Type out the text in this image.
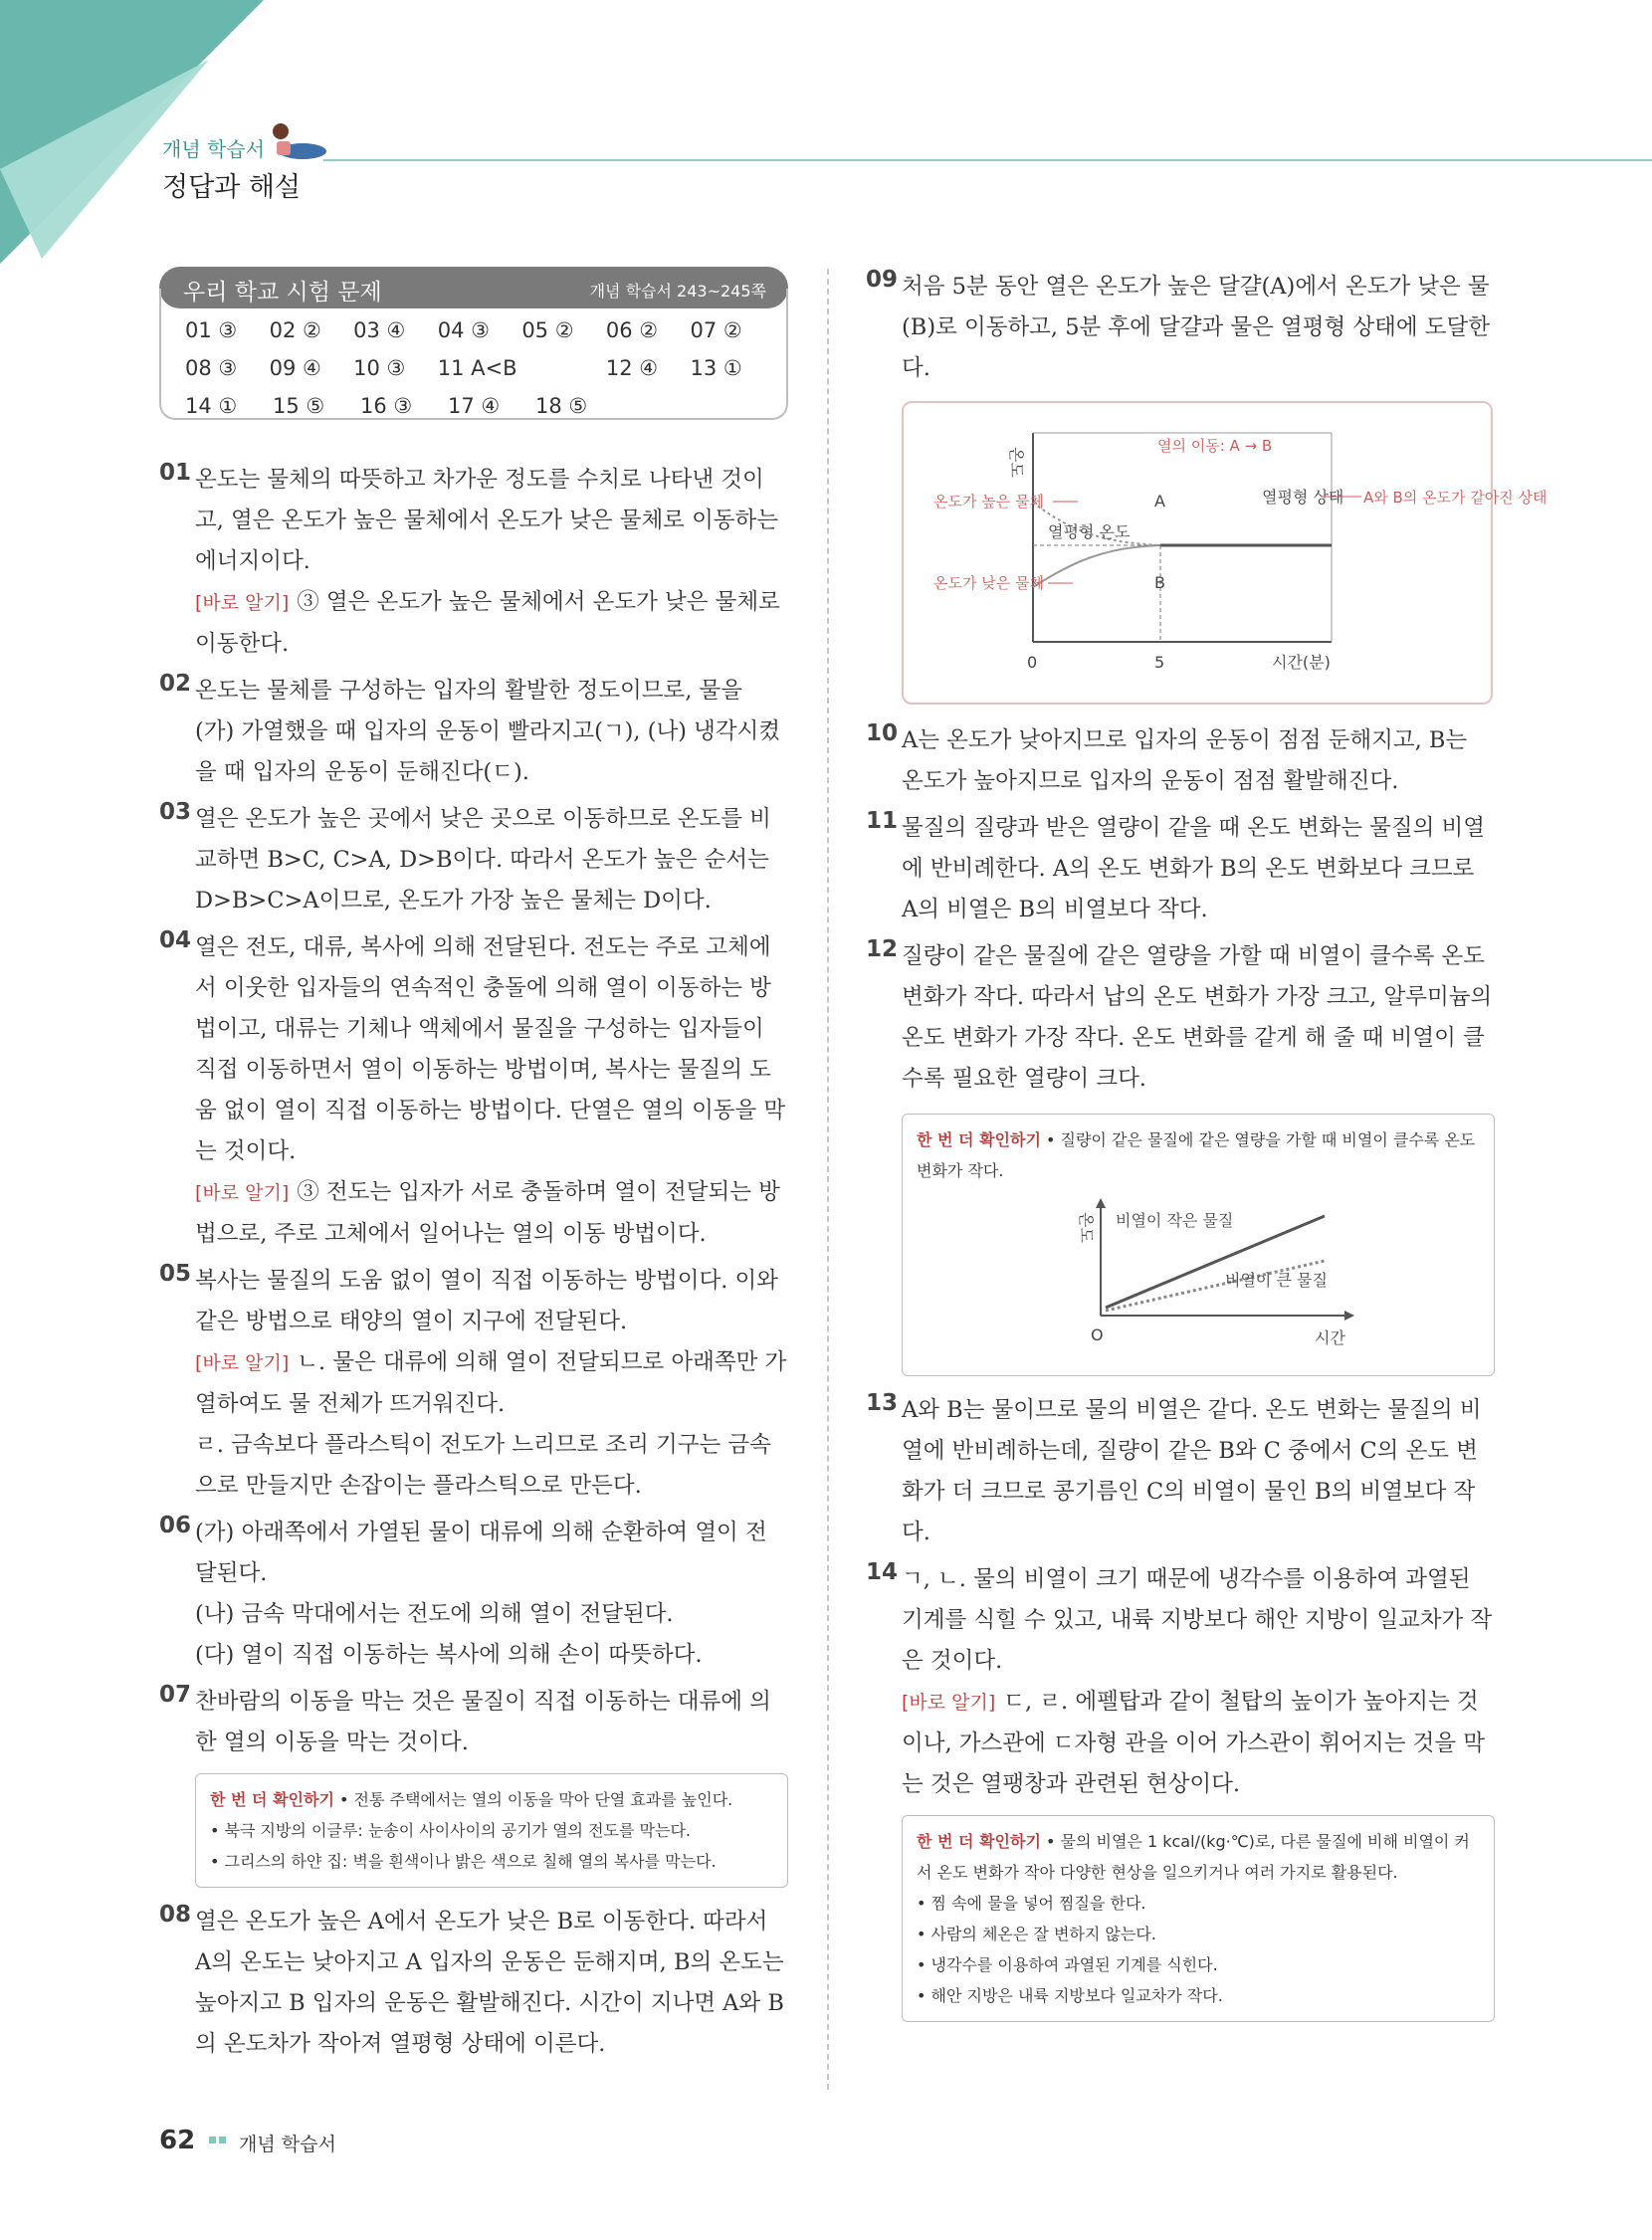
개념 학습서
정답과 해설
우리 학교 시험 문제	개념 학습서 243~245쪽
01 ③	02 ②	03 ④	04 ③	05 ②	06 ②	07 ②
08 ③	09 ④	10 ③	11 A<B	12 ④	13 ①
14 ①	15 ⑤	16 ③	17 ④	18 ⑤
01 온도는 물체의 따뜻하고 차가운 정도를 수치로 나타낸 것이고, 열은 온도가 높은 물체에서 온도가 낮은 물체로 이동하는 에너지이다.
[바로 알기] ③ 열은 온도가 높은 물체에서 온도가 낮은 물체로 이동한다.
02 온도는 물체를 구성하는 입자의 활발한 정도이므로, 물을 (가) 가열했을 때 입자의 운동이 빨라지고(ㄱ), (나) 냉각시켰을 때 입자의 운동이 둔해진다(ㄷ).
03 열은 온도가 높은 곳에서 낮은 곳으로 이동하므로 온도를 비교하면 B>C, C>A, D>B이다. 따라서 온도가 높은 순서는 D>B>C>A이므로, 온도가 가장 높은 물체는 D이다.
04 열은 전도, 대류, 복사에 의해 전달된다. 전도는 주로 고체에서 이웃한 입자들의 연속적인 충돌에 의해 열이 이동하는 방법이고, 대류는 기체나 액체에서 물질을 구성하는 입자들이 직접 이동하면서 열이 이동하는 방법이며, 복사는 물질의 도움 없이 열이 직접 이동하는 방법이다. 단열은 열의 이동을 막는 것이다.
[바로 알기] ③ 전도는 입자가 서로 충돌하며 열이 전달되는 방법으로, 주로 고체에서 일어나는 열의 이동 방법이다.
05 복사는 물질의 도움 없이 열이 직접 이동하는 방법이다. 이와 같은 방법으로 태양의 열이 지구에 전달된다.
[바로 알기] ㄴ. 물은 대류에 의해 열이 전달되므로 아래쪽만 가열하여도 물 전체가 뜨거워진다.
ㄹ. 금속보다 플라스틱이 전도가 느리므로 조리 기구는 금속으로 만들지만 손잡이는 플라스틱으로 만든다.
06 (가) 아래쪽에서 가열된 물이 대류에 의해 순환하여 열이 전달된다.
(나) 금속 막대에서는 전도에 의해 열이 전달된다.
(다) 열이 직접 이동하는 복사에 의해 손이 따뜻하다.
07 찬바람의 이동을 막는 것은 물질이 직접 이동하는 대류에 의한 열의 이동을 막는 것이다.
한 번 더 확인하기 • 전통 주택에서는 열의 이동을 막아 단열 효과를 높인다.
• 북극 지방의 이글루: 눈송이 사이사이의 공기가 열의 전도를 막는다.
• 그리스의 하얀 집: 벽을 흰색이나 밝은 색으로 칠해 열의 복사를 막는다.
08 열은 온도가 높은 A에서 온도가 낮은 B로 이동한다. 따라서 A의 온도는 낮아지고 A 입자의 운동은 둔해지며, B의 온도는 높아지고 B 입자의 운동은 활발해진다. 시간이 지나면 A와 B의 온도차가 작아져 열평형 상태에 이른다.
09 처음 5분 동안 열은 온도가 높은 달걀(A)에서 온도가 낮은 물(B)로 이동하고, 5분 후에 달걀과 물은 열평형 상태에 도달한다.
온도
열의 이동: A → B
A
B
온도가 높은 물체
온도가 낮은 물체
열평형 온도
열평형 상태 A와 B의 온도가 같아진 상태
0	5	시간(분)
10 A는 온도가 낮아지므로 입자의 운동이 점점 둔해지고, B는 온도가 높아지므로 입자의 운동이 점점 활발해진다.
11 물질의 질량과 받은 열량이 같을 때 온도 변화는 물질의 비열에 반비례한다. A의 온도 변화가 B의 온도 변화보다 크므로 A의 비열은 B의 비열보다 작다.
12 질량이 같은 물질에 같은 열량을 가할 때 비열이 클수록 온도 변화가 작다. 따라서 납의 온도 변화가 가장 크고, 알루미늄의 온도 변화가 가장 작다. 온도 변화를 같게 해 줄 때 비열이 클수록 필요한 열량이 크다.
한 번 더 확인하기 • 질량이 같은 물질에 같은 열량을 가할 때 비열이 클수록 온도 변화가 작다.
온도 비열이 작은 물질
비열이 큰 물질
O	시간
13 A와 B는 물이므로 물의 비열은 같다. 온도 변화는 물질의 비열에 반비례하는데, 질량이 같은 B와 C 중에서 C의 온도 변화가 더 크므로 콩기름인 C의 비열이 물인 B의 비열보다 작다.
14 ㄱ, ㄴ. 물의 비열이 크기 때문에 냉각수를 이용하여 과열된 기계를 식힐 수 있고, 내륙 지방보다 해안 지방이 일교차가 작은 것이다.
[바로 알기] ㄷ, ㄹ. 에펠탑과 같이 철탑의 높이가 높아지는 것이나, 가스관에 ㄷ자형 관을 이어 가스관이 휘어지는 것을 막는 것은 열팽창과 관련된 현상이다.
한 번 더 확인하기 • 물의 비열은 1 kcal/(kg·℃)로, 다른 물질에 비해 비열이 커서 온도 변화가 작아 다양한 현상을 일으키거나 여러 가지로 활용된다.
• 찜 속에 물을 넣어 찜질을 한다.
• 사람의 체온은 잘 변하지 않는다.
• 냉각수를 이용하여 과열된 기계를 식힌다.
• 해안 지방은 내륙 지방보다 일교차가 작다.
62 개념 학습서
